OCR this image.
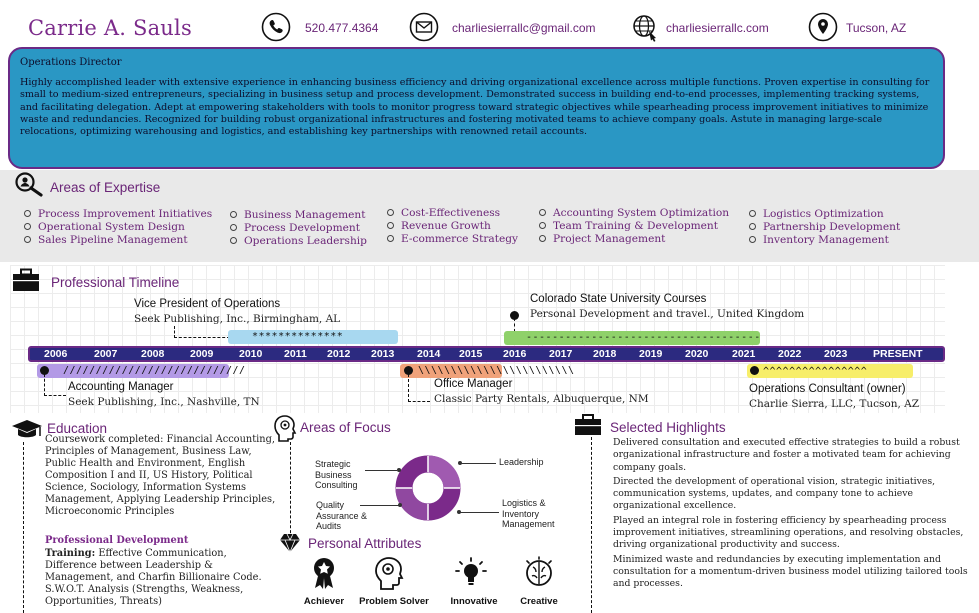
Carrie A. Sauls	520.477.4364	charliesierrallc@gmail.com	charliesierrallc.com	Tucson, AZ
Operations Director
Highly accomplished leader with extensive experience in enhancing business efficiency and driving organizational excellence across multiple functions. Proven expertise in consulting for small to medium-sized entrepreneurs, specializing in business setup and process development. Demonstrated success in building end-to-end processes, implementing tracking systems, and facilitating delegation. Adept at empowering stakeholders with tools to monitor progress toward strategic objectives while spearheading process improvement initiatives to minimize waste and redundancies. Recognized for building robust organizational infrastructures and fostering motivated teams to achieve company goals. Astute in managing large-scale relocations, optimizing warehousing and logistics, and establishing key partnerships with renowned retail accounts.
Areas of Expertise
Process Improvement Initiatives
Operational System Design
Sales Pipeline Management
Business Management
Process Development
Operations Leadership
Cost-Effectiveness
Revenue Growth
E-commerce Strategy
Accounting System Optimization
Team Training & Development
Project Management
Logistics Optimization
Partnership Development
Inventory Management
Professional Timeline
Vice President of Operations
Seek Publishing, Inc., Birmingham, AL
**************
Colorado State University Courses
Personal Development and travel., United Kingdom
------------------------------------
2006	2007 2008 2009 2010 2011 2012 2013 2014 2015 2016 2017 2018 2019 2020 2021 2022 2023 PRESENT
////////////////////////////
Accounting Manager
Seek Publishing, Inc., Nashville, TN
\\\\\\\\\\\\\\\\\\\\\\\\
Office Manager
Classic Party Rentals, Albuquerque, NM
^^^^^^^^^^^^^^^^
Operations Consultant (owner)
Charlie Sierra, LLC, Tucson, AZ
Education
Coursework completed: Financial Accounting, Principles of Management, Business Law, Public Health and Environment, English Composition I and II, US History, Political Science, Sociology, Information Systems Management, Applying Leadership Principles, Microeconomic Principles
Professional Development
Training: Effective Communication, Difference between Leadership & Management, and Charfin Billionaire Code. S.W.O.T. Analysis (Strengths, Weakness, Opportunities, Threats)
Areas of Focus
Strategic Business Consulting
Leadership
Quality Assurance & Audits
Logistics & Inventory Management
Personal Attributes
Achiever	Problem Solver	Innovative	Creative
Selected Highlights
Delivered consultation and executed effective strategies to build a robust organizational infrastructure and foster a motivated team for achieving company goals.
Directed the development of operational vision, strategic initiatives, communication systems, updates, and company tone to achieve organizational excellence.
Played an integral role in fostering efficiency by spearheading process improvement initiatives, streamlining operations, and resolving obstacles, driving organizational productivity and success.
Minimized waste and redundancies by executing implementation and consultation for a momentum-driven business model utilizing tailored tools and processes.
